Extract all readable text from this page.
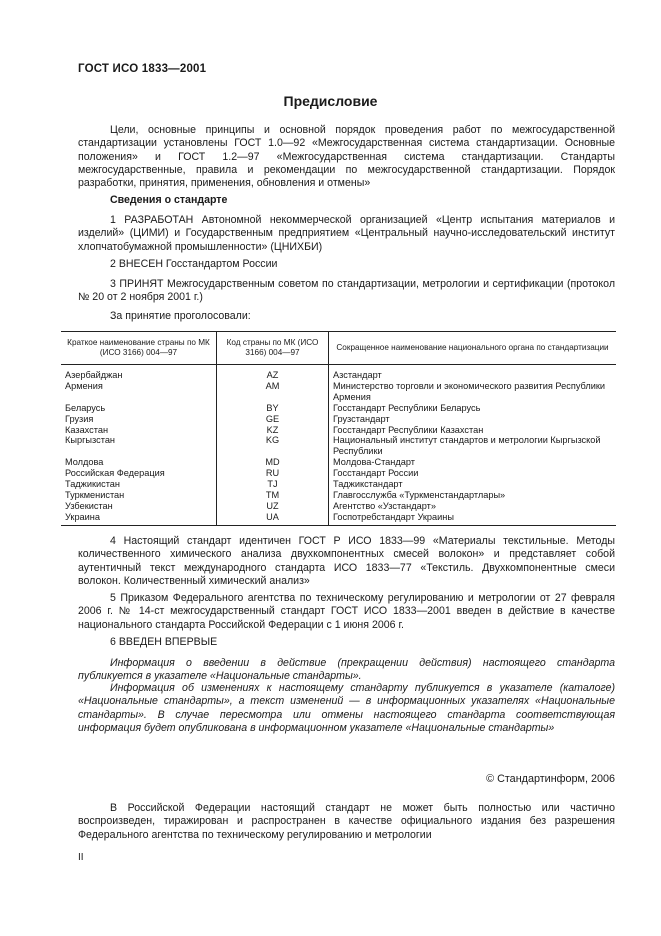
ГОСТ ИСО 1833—2001
Предисловие
Цели, основные принципы и основной порядок проведения работ по межгосударственной стандартизации установлены ГОСТ 1.0—92 «Межгосударственная система стандартизации. Основные положения» и ГОСТ 1.2—97 «Межгосударственная система стандартизации. Стандарты межгосударственные, правила и рекомендации по межгосударственной стандартизации. Порядок разработки, принятия, применения, обновления и отмены»
Сведения о стандарте
1 РАЗРАБОТАН Автономной некоммерческой организацией «Центр испытания материалов и изделий» (ЦИМИ) и Государственным предприятием «Центральный научно-исследовательский институт хлопчатобумажной промышленности» (ЦНИХБИ)
2 ВНЕСЕН Госстандартом России
3 ПРИНЯТ Межгосударственным советом по стандартизации, метрологии и сертификации (протокол № 20 от 2 ноября 2001 г.)
За принятие проголосовали:
Краткое наименование страны по МК (ИСО 3166) 004—97	Код страны по МК (ИСО 3166) 004—97	Сокращенное наименование национального органа по стандартизации
Азербайджан	AZ	Азстандарт
Армения	AM	Министерство торговли и экономического развития Республики Армения
Беларусь	BY	Госстандарт Республики Беларусь
Грузия	GE	Грузстандарт
Казахстан	KZ	Госстандарт Республики Казахстан
Кыргызстан	KG	Национальный институт стандартов и метрологии Кыргызской Республики
Молдова	MD	Молдова-Стандарт
Российская Федерация	RU	Госстандарт России
Таджикистан	TJ	Таджикстандарт
Туркменистан	TM	Главгосслужба «Туркменстандартлары»
Узбекистан	UZ	Агентство «Узстандарт»
Украина	UA	Госпотребстандарт Украины
4 Настоящий стандарт идентичен ГОСТ Р ИСО 1833—99 «Материалы текстильные. Методы количественного химического анализа двухкомпонентных смесей волокон» и представляет собой аутентичный текст международного стандарта ИСО 1833—77 «Текстиль. Двухкомпонентные смеси волокон. Количественный химический анализ»
5 Приказом Федерального агентства по техническому регулированию и метрологии от 27 февраля 2006 г. № 14-ст межгосударственный стандарт ГОСТ ИСО 1833—2001 введен в действие в качестве национального стандарта Российской Федерации с 1 июня 2006 г.
6 ВВЕДЕН ВПЕРВЫЕ
Информация о введении в действие (прекращении действия) настоящего стандарта публикуется в указателе «Национальные стандарты».
Информация об изменениях к настоящему стандарту публикуется в указателе (каталоге) «Национальные стандарты», а текст изменений — в информационных указателях «Национальные стандарты». В случае пересмотра или отмены настоящего стандарта соответствующая информация будет опубликована в информационном указателе «Национальные стандарты»
© Стандартинформ, 2006
В Российской Федерации настоящий стандарт не может быть полностью или частично воспроизведен, тиражирован и распространен в качестве официального издания без разрешения Федерального агентства по техническому регулированию и метрологии
II
